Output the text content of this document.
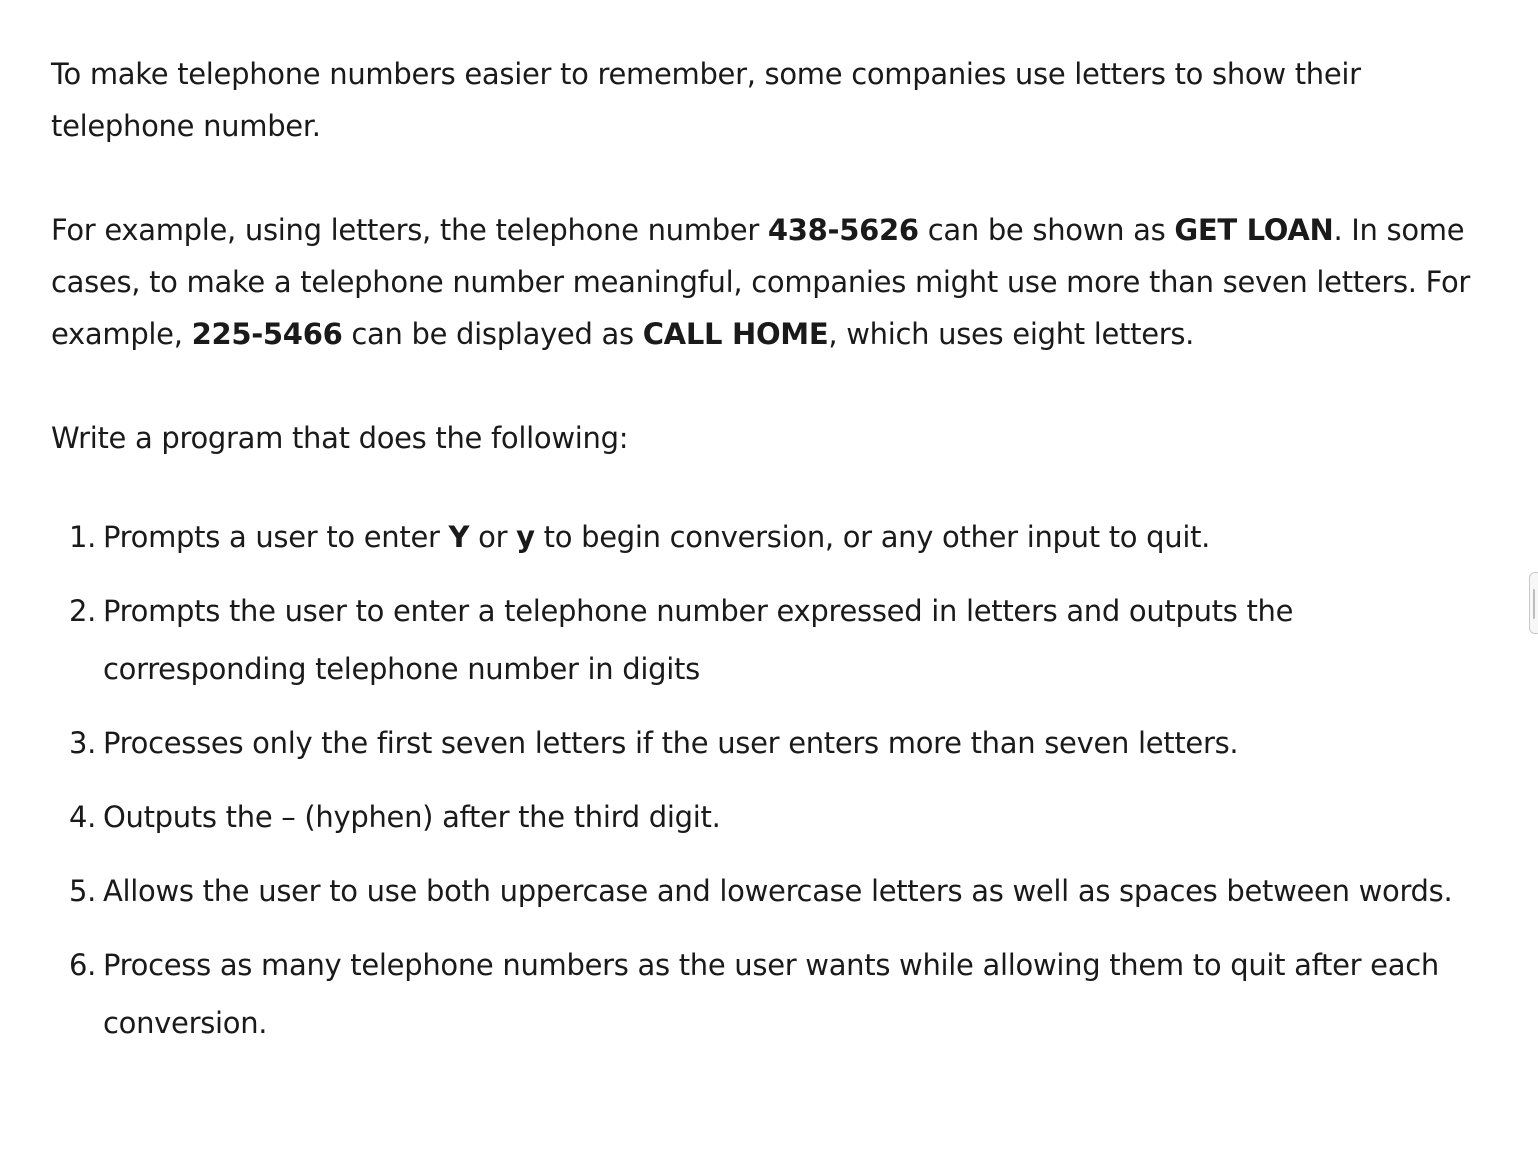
To make telephone numbers easier to remember, some companies use letters to show their telephone number.

For example, using letters, the telephone number 438-5626 can be shown as GET LOAN. In some cases, to make a telephone number meaningful, companies might use more than seven letters. For example, 225-5466 can be displayed as CALL HOME, which uses eight letters.

Write a program that does the following:

1. Prompts a user to enter Y or y to begin conversion, or any other input to quit.
2. Prompts the user to enter a telephone number expressed in letters and outputs the corresponding telephone number in digits
3. Processes only the first seven letters if the user enters more than seven letters.
4. Outputs the – (hyphen) after the third digit.
5. Allows the user to use both uppercase and lowercase letters as well as spaces between words.
6. Process as many telephone numbers as the user wants while allowing them to quit after each conversion.
